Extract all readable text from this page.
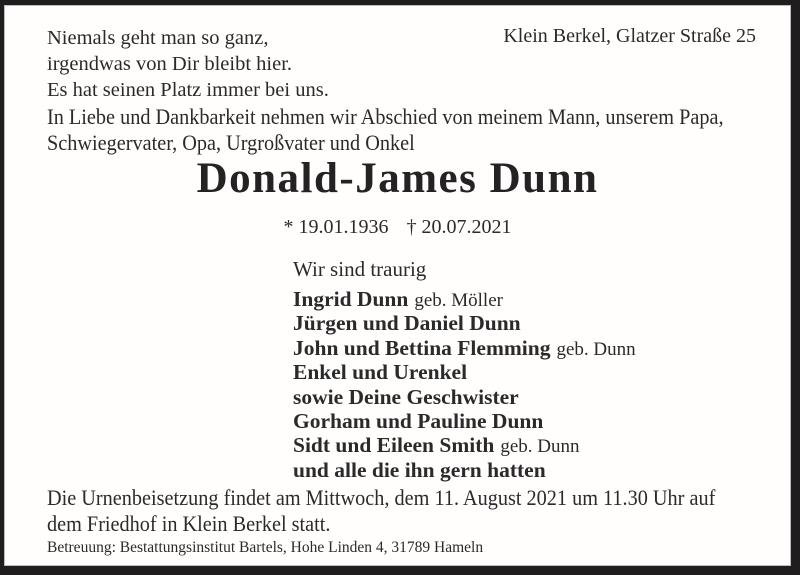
Niemals geht man so ganz,
irgendwas von Dir bleibt hier.
Es hat seinen Platz immer bei uns.
Klein Berkel, Glatzer Straße 25
In Liebe und Dankbarkeit nehmen wir Abschied von meinem Mann, unserem Papa,
Schwiegervater, Opa, Urgroßvater und Onkel
Donald-James Dunn
* 19.01.1936 † 20.07.2021
Wir sind traurig
Ingrid Dunn geb. Möller
Jürgen und Daniel Dunn
John und Bettina Flemming geb. Dunn
Enkel und Urenkel
sowie Deine Geschwister
Gorham und Pauline Dunn
Sidt und Eileen Smith geb. Dunn
und alle die ihn gern hatten
Die Urnenbeisetzung findet am Mittwoch, dem 11. August 2021 um 11.30 Uhr auf
dem Friedhof in Klein Berkel statt.
Betreuung: Bestattungsinstitut Bartels, Hohe Linden 4, 31789 Hameln
